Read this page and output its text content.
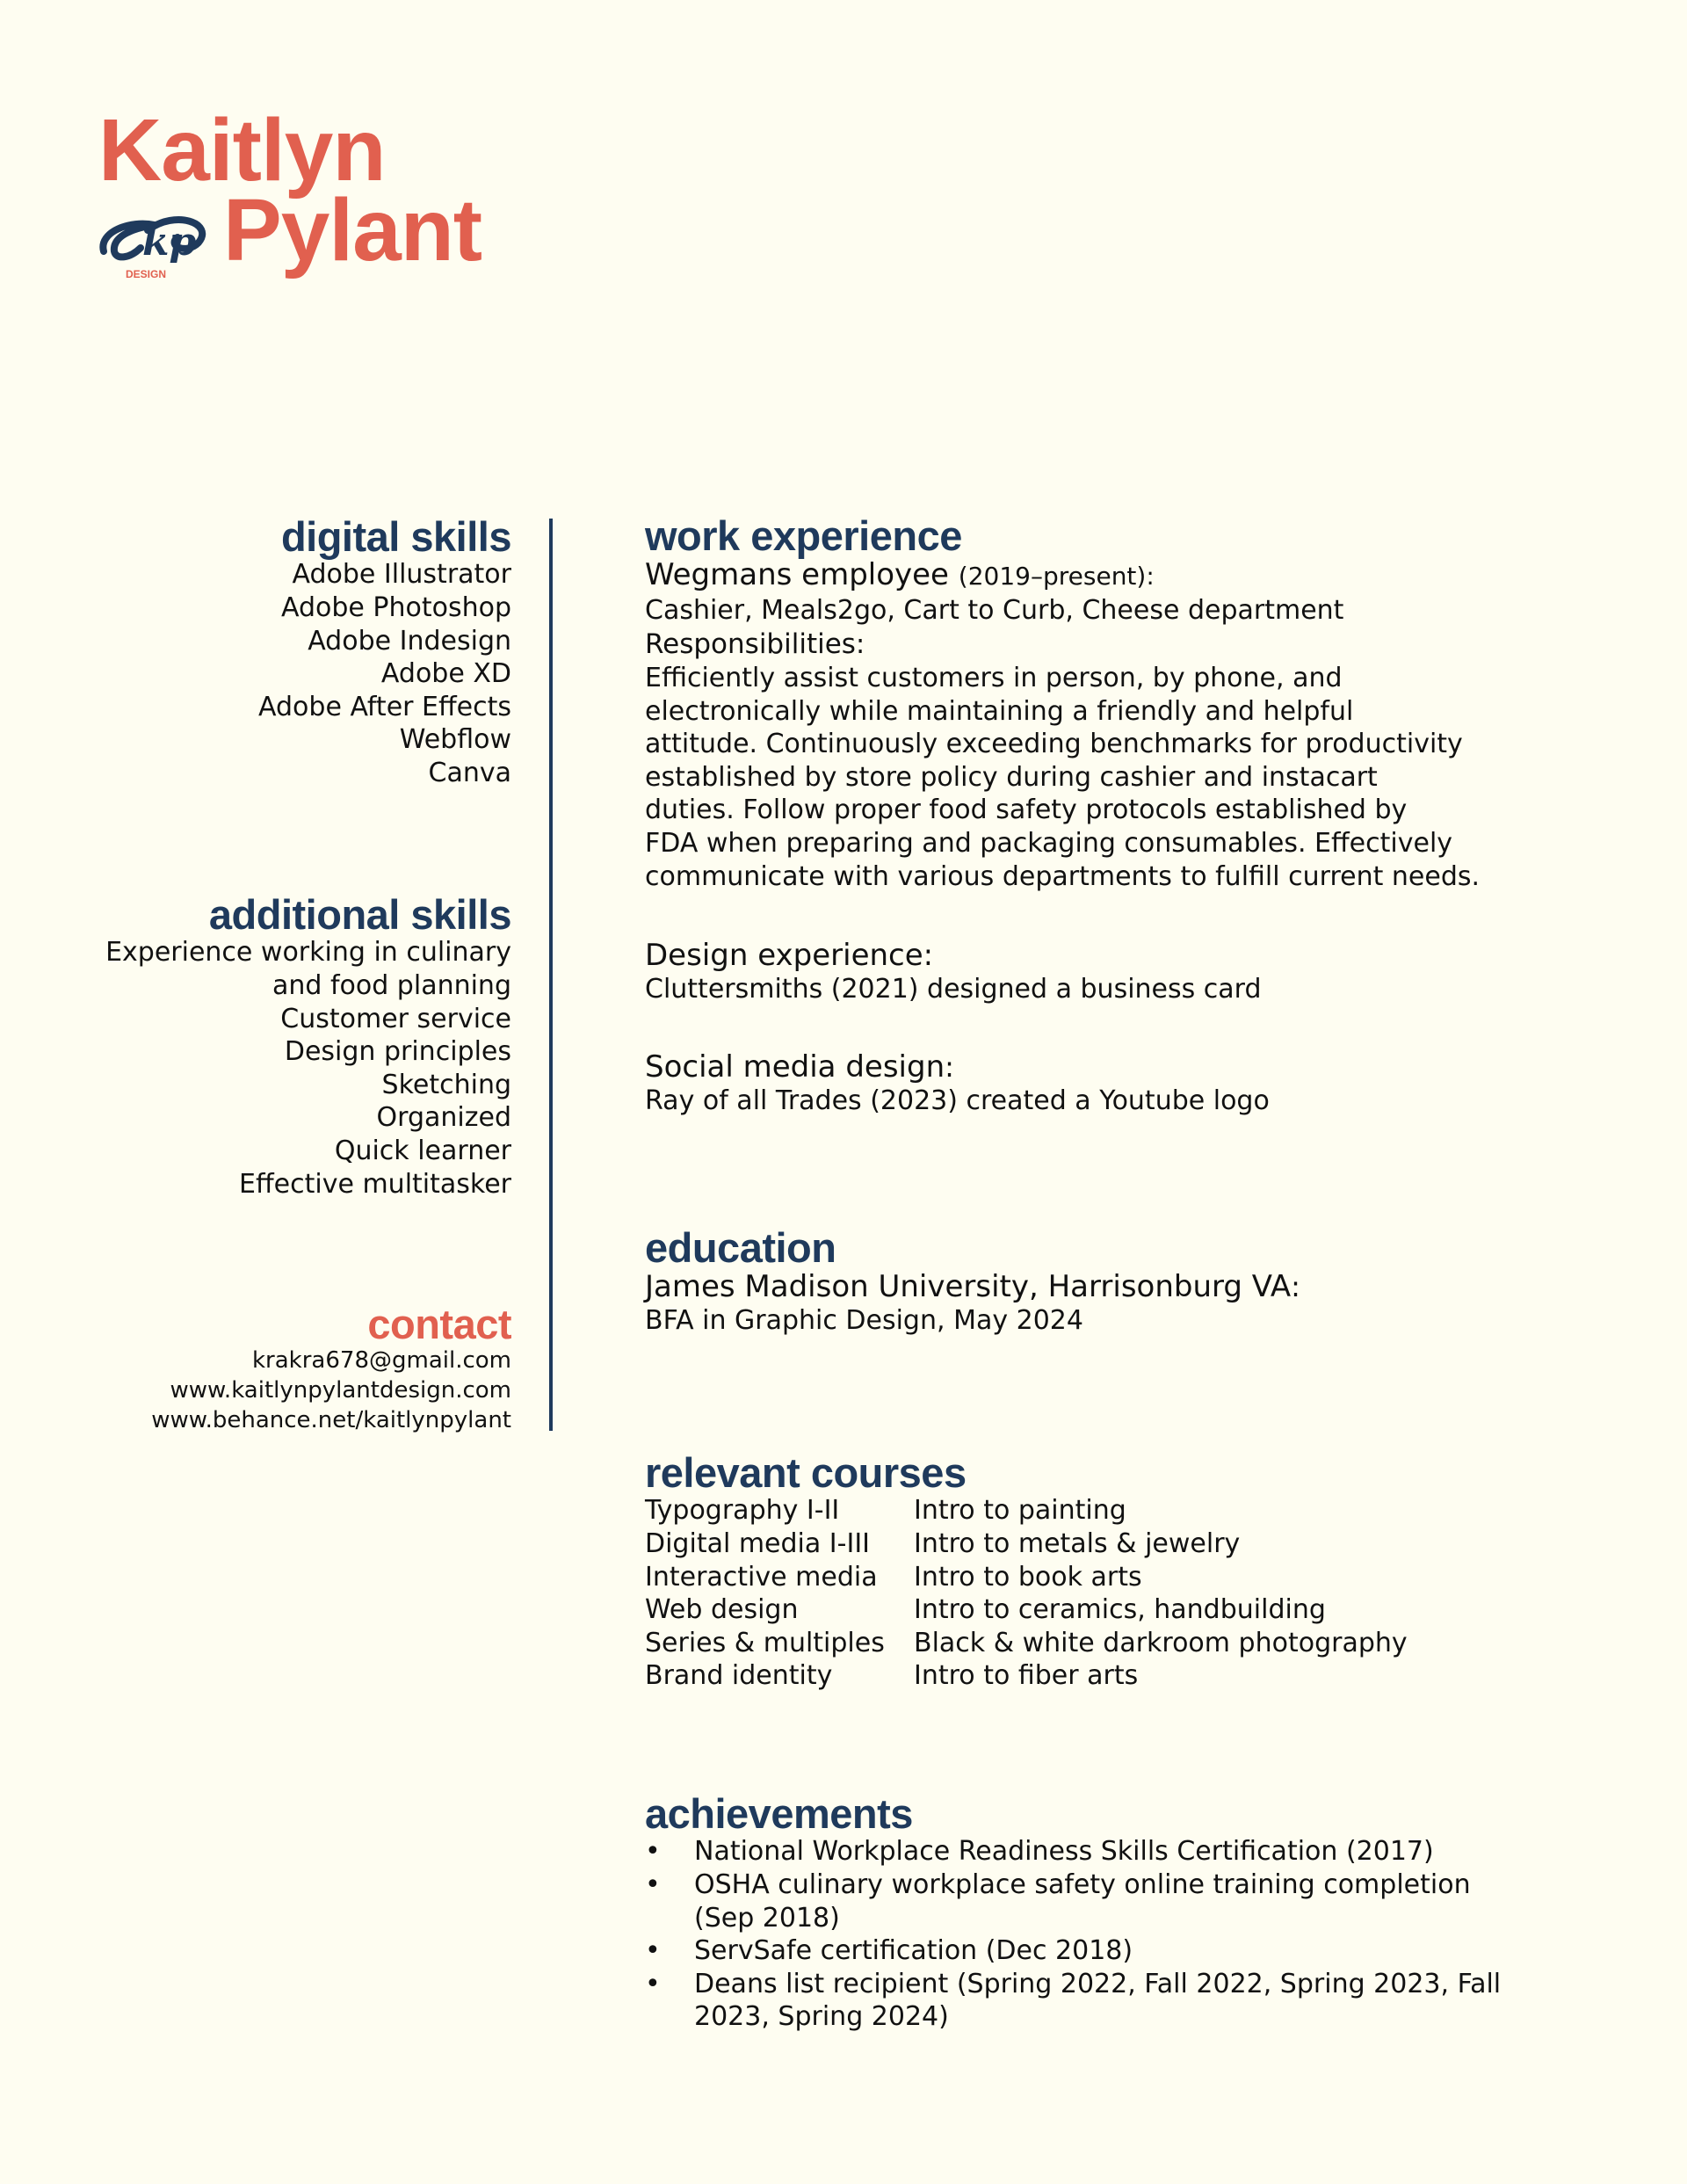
Kaitlyn
Pylant
kp
DESIGN
digital skills
Adobe Illustrator
Adobe Photoshop
Adobe Indesign
Adobe XD
Adobe After Effects
Webflow
Canva
additional skills
Experience working in culinary
and food planning
Customer service
Design principles
Sketching
Organized
Quick learner
Effective multitasker
contact
krakra678@gmail.com
www.kaitlynpylantdesign.com
www.behance.net/kaitlynpylant
work experience

Wegmans employee (2019–present):

Cashier, Meals2go, Cart to Curb, Cheese department

Responsibilities:

Efficiently assist customers in person, by phone, and
electronically while maintaining a friendly and helpful
attitude. Continuously exceeding benchmarks for productivity
established by store policy during cashier and instacart
duties. Follow proper food safety protocols established by
FDA when preparing and packaging consumables. Effectively
communicate with various departments to fulfill current needs.

Design experience:

Cluttersmiths (2021) designed a business card

Social media design:

Ray of all Trades (2023) created a Youtube logo

education

James Madison University, Harrisonburg VA:

BFA in Graphic Design, May 2024

relevant courses
Typography I-II
Digital media I-III
Interactive media
Web design
Series & multiples
Brand identity
Intro to painting
Intro to metals & jewelry
Intro to book arts
Intro to ceramics, handbuilding
Black & white darkroom photography
Intro to fiber arts
achievements
• National Workplace Readiness Skills Certification (2017)
• OSHA culinary workplace safety online training completion
(Sep 2018)
• ServSafe certification (Dec 2018)
• Deans list recipient (Spring 2022, Fall 2022, Spring 2023, Fall
2023, Spring 2024)
